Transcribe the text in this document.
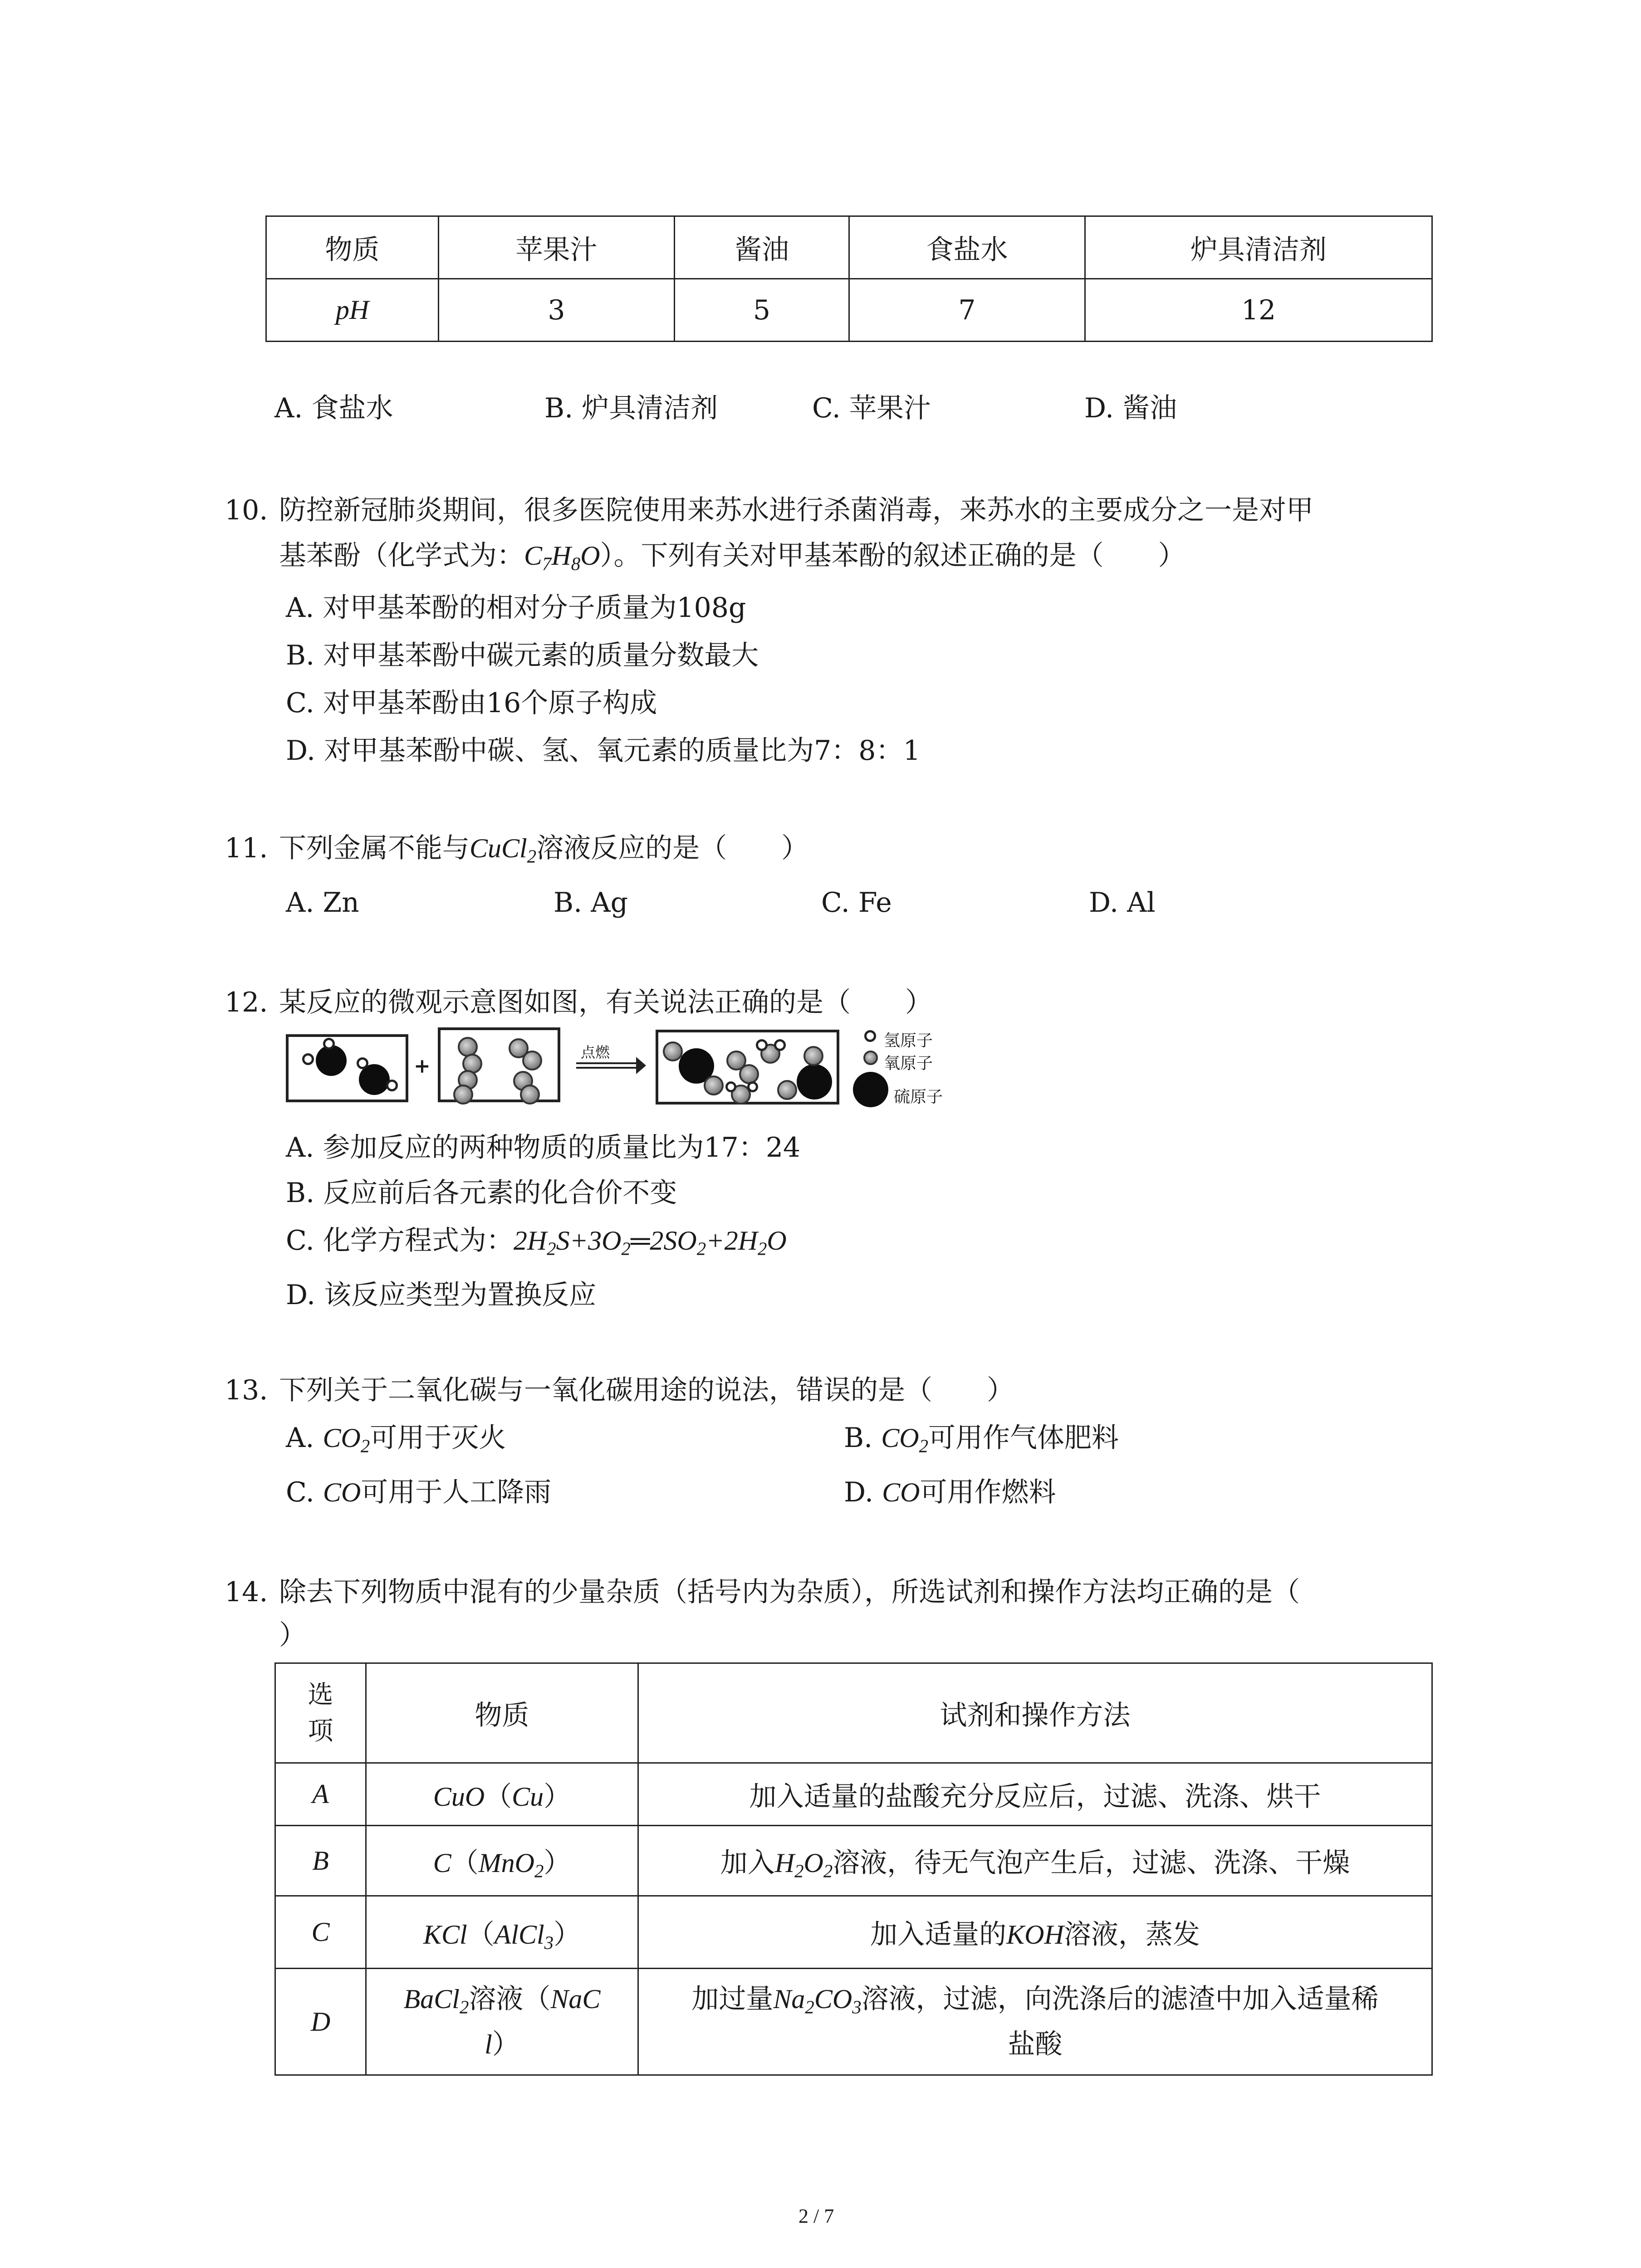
物质	苹果汁	酱油	食盐水	炉具清洁剂
pH	3	5	7	12
A. 食盐水	B. 炉具清洁剂	C. 苹果汁	D. 酱油
10. 防控新冠肺炎期间，很多医院使用来苏水进行杀菌消毒，来苏水的主要成分之一是对甲
基苯酚（化学式为：$C_7H_8O$）。下列有关对甲基苯酚的叙述正确的是（　　）
A. 对甲基苯酚的相对分子质量为108g
B. 对甲基苯酚中碳元素的质量分数最大
C. 对甲基苯酚由16个原子构成
D. 对甲基苯酚中碳、氢、氧元素的质量比为7：8：1
11. 下列金属不能与CuCl$_2$溶液反应的是（　　）
A. Zn	B. Ag	C. Fe	D. Al
12. 某反应的微观示意图如图，有关说法正确的是（　　）
+
点燃
氢原子
氧原子
硫原子
A. 参加反应的两种物质的质量比为17：24
B. 反应前后各元素的化合价不变
C. 化学方程式为：$2H_2S+3O_2═2SO_2+2H_2O$
D. 该反应类型为置换反应
13. 下列关于二氧化碳与一氧化碳用途的说法，错误的是（　　）
A. $CO_2$可用于灭火	B. $CO_2$可用作气体肥料
C. CO可用于人工降雨	D. CO可用作燃料
14. 除去下列物质中混有的少量杂质（括号内为杂质），所选试剂和操作方法均正确的是（
）
选
项	物质	试剂和操作方法
A	CuO（Cu）	加入适量的盐酸充分反应后，过滤、洗涤、烘干
B	C（MnO$_2$）	加入$H_2O_2$溶液，待无气泡产生后，过滤、洗涤、干燥
C	KCl（AlCl$_3$）	加入适量的KOH溶液，蒸发
D	BaCl$_2$溶液（NaC
l）	加过量$Na_2CO_3$溶液，过滤，向洗涤后的滤渣中加入适量稀
盐酸
2 / 7
